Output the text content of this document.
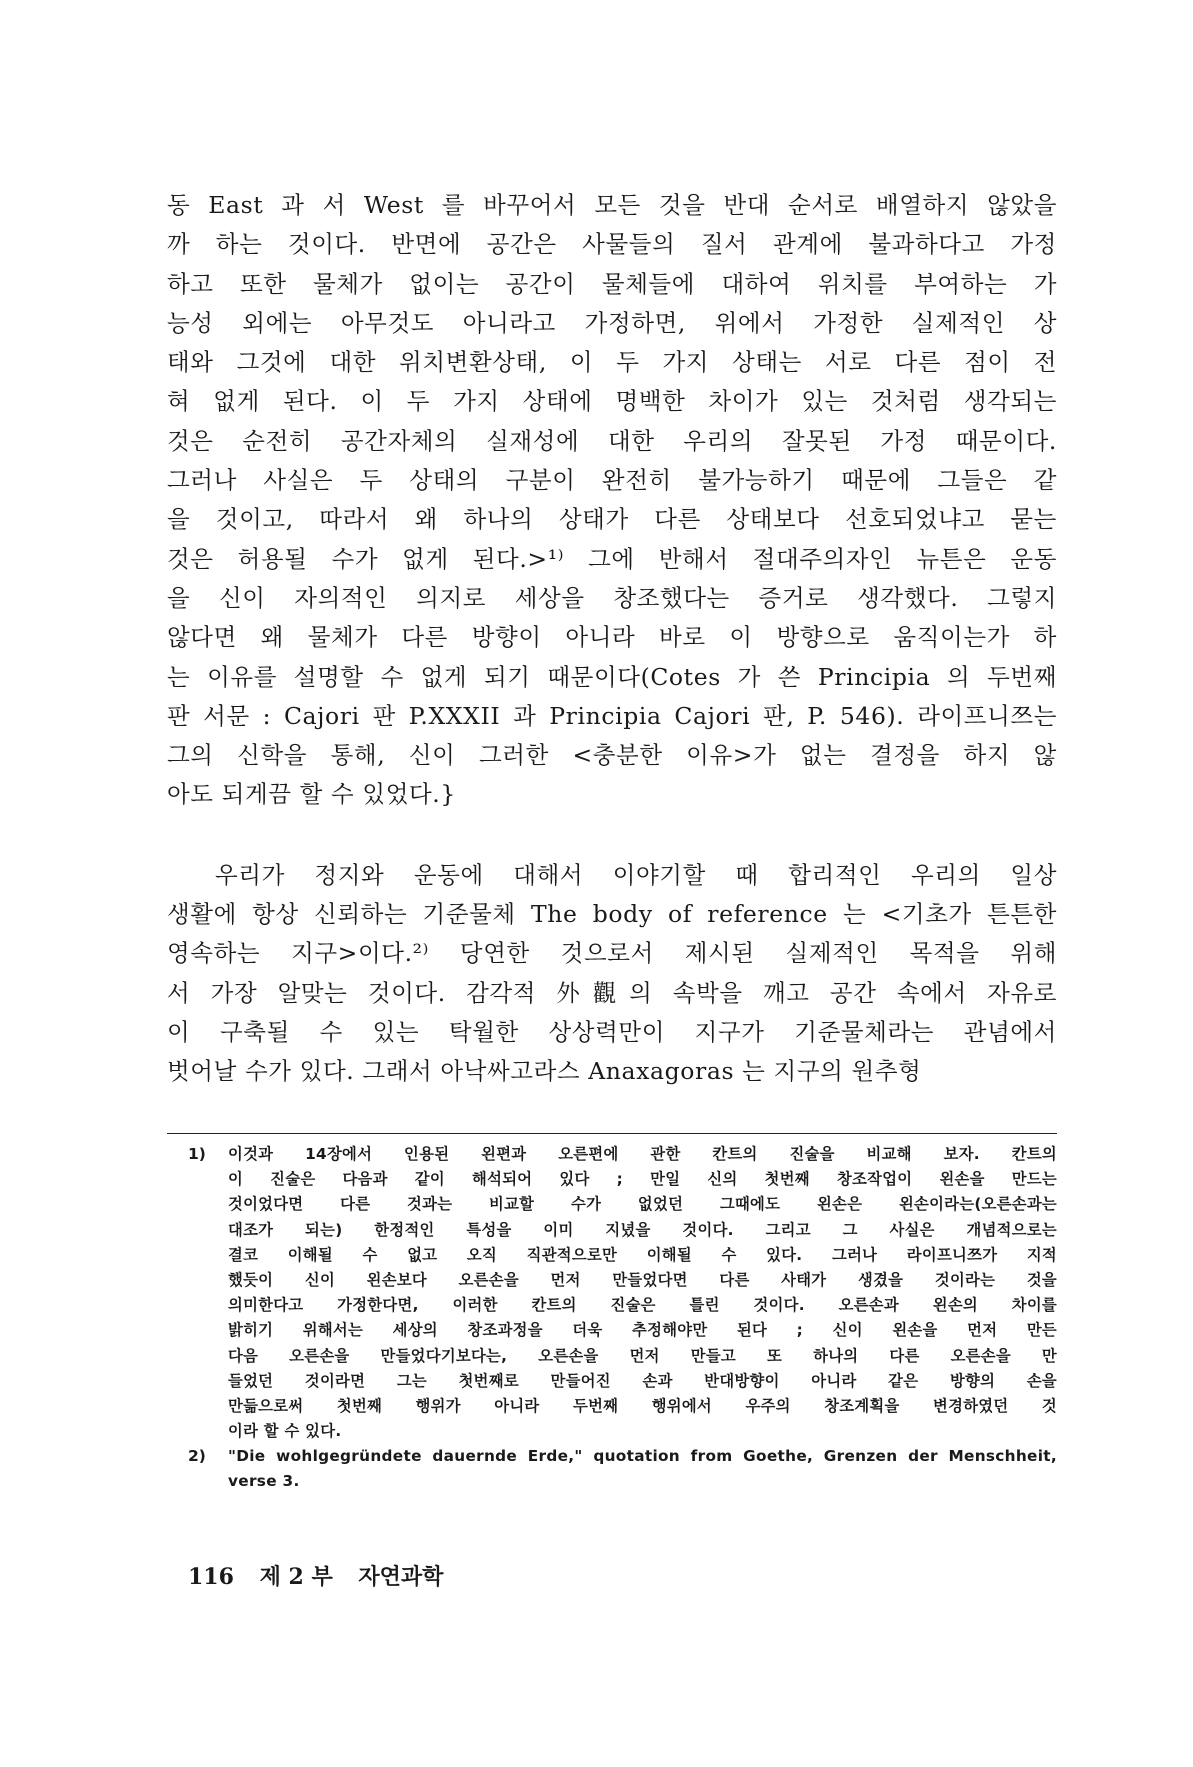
동 East 과 서 West 를 바꾸어서 모든 것을 반대 순서로 배열하지 않았을
까 하는 것이다. 반면에 공간은 사물들의 질서 관계에 불과하다고 가정
하고 또한 물체가 없이는 공간이 물체들에 대하여 위치를 부여하는 가
능성 외에는 아무것도 아니라고 가정하면, 위에서 가정한 실제적인 상
태와 그것에 대한 위치변환상태, 이 두 가지 상태는 서로 다른 점이 전
혀 없게 된다. 이 두 가지 상태에 명백한 차이가 있는 것처럼 생각되는
것은 순전히 공간자체의 실재성에 대한 우리의 잘못된 가정 때문이다.
그러나 사실은 두 상태의 구분이 완전히 불가능하기 때문에 그들은 같
을 것이고, 따라서 왜 하나의 상태가 다른 상태보다 선호되었냐고 묻는
것은 허용될 수가 없게 된다.>¹⁾ 그에 반해서 절대주의자인 뉴튼은 운동
을 신이 자의적인 의지로 세상을 창조했다는 증거로 생각했다. 그렇지
않다면 왜 물체가 다른 방향이 아니라 바로 이 방향으로 움직이는가 하
는 이유를 설명할 수 없게 되기 때문이다(Cotes 가 쓴 Principia 의 두번째
판 서문 : Cajori 판 P.XXXII 과 Principia Cajori 판, P. 546). 라이프니쯔는
그의 신학을 통해, 신이 그러한 <충분한 이유>가 없는 결정을 하지 않
아도 되게끔 할 수 있었다.}
우리가 정지와 운동에 대해서 이야기할 때 합리적인 우리의 일상
생활에 항상 신뢰하는 기준물체 The body of reference 는 <기초가 튼튼한
영속하는 지구>이다.²⁾ 당연한 것으로서 제시된 실제적인 목적을 위해
서 가장 알맞는 것이다. 감각적 外觀의 속박을 깨고 공간 속에서 자유로
이 구축될 수 있는 탁월한 상상력만이 지구가 기준물체라는 관념에서
벗어날 수가 있다. 그래서 아낙싸고라스 Anaxagoras 는 지구의 원추형
1) 이것과 14장에서 인용된 왼편과 오른편에 관한 칸트의 진술을 비교해 보자. 칸트의
이 진술은 다음과 같이 해석되어 있다 ; 만일 신의 첫번째 창조작업이 왼손을 만드는
것이었다면 다른 것과는 비교할 수가 없었던 그때에도 왼손은 왼손이라는(오른손과는
대조가 되는) 한정적인 특성을 이미 지녔을 것이다. 그리고 그 사실은 개념적으로는
결코 이해될 수 없고 오직 직관적으로만 이해될 수 있다. 그러나 라이프니쯔가 지적
했듯이 신이 왼손보다 오른손을 먼저 만들었다면 다른 사태가 생겼을 것이라는 것을
의미한다고 가정한다면, 이러한 칸트의 진술은 틀린 것이다. 오른손과 왼손의 차이를
밝히기 위해서는 세상의 창조과정을 더욱 추정해야만 된다 ; 신이 왼손을 먼저 만든
다음 오른손을 만들었다기보다는, 오른손을 먼저 만들고 또 하나의 다른 오른손을 만
들었던 것이라면 그는 첫번째로 만들어진 손과 반대방향이 아니라 같은 방향의 손을
만듦으로써 첫번째 행위가 아니라 두번째 행위에서 우주의 창조계획을 변경하였던 것
이라 할 수 있다.
2) "Die wohlgegründete dauernde Erde," quotation from Goethe, Grenzen der Menschheit,
verse 3.
116 제 2 부 자연과학
